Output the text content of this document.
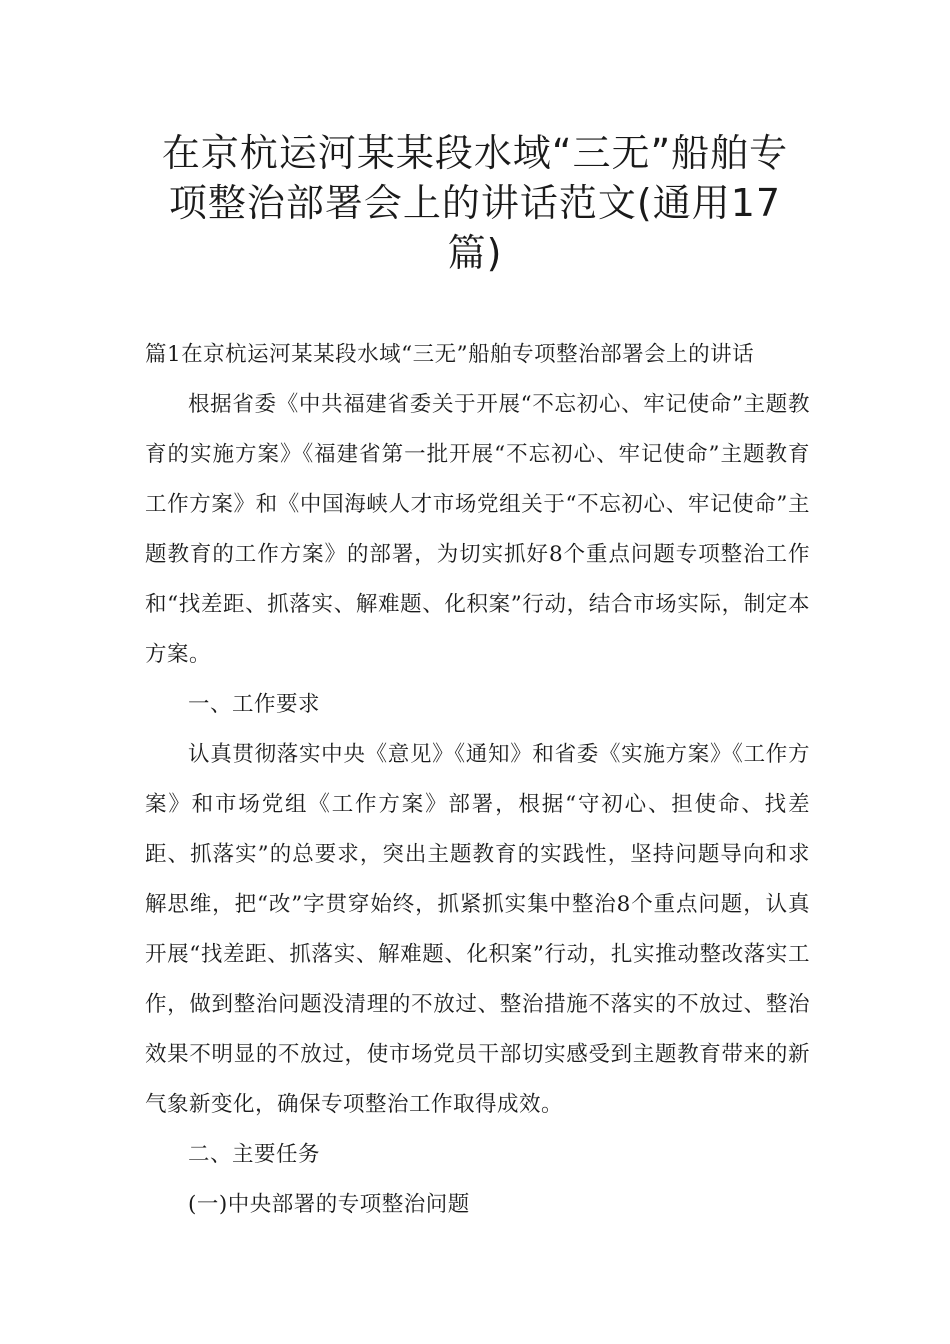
在京杭运河某某段水域“三无”船舶专
项整治部署会上的讲话范文(通用17
篇)

篇1在京杭运河某某段水域“三无”船舶专项整治部署会上的讲话

根据省委《中共福建省委关于开展“不忘初心、牢记使命”主题教育的实施方案》《福建省第一批开展“不忘初心、牢记使命”主题教育工作方案》和《中国海峡人才市场党组关于“不忘初心、牢记使命”主题教育的工作方案》的部署，为切实抓好8个重点问题专项整治工作和“找差距、抓落实、解难题、化积案”行动，结合市场实际，制定本方案。

一、工作要求

认真贯彻落实中央《意见》《通知》和省委《实施方案》《工作方案》和市场党组《工作方案》部署，根据“守初心、担使命、找差距、抓落实”的总要求，突出主题教育的实践性，坚持问题导向和求解思维，把“改”字贯穿始终，抓紧抓实集中整治8个重点问题，认真开展“找差距、抓落实、解难题、化积案”行动，扎实推动整改落实工作，做到整治问题没清理的不放过、整治措施不落实的不放过、整治效果不明显的不放过，使市场党员干部切实感受到主题教育带来的新气象新变化，确保专项整治工作取得成效。

二、主要任务

(一)中央部署的专项整治问题
